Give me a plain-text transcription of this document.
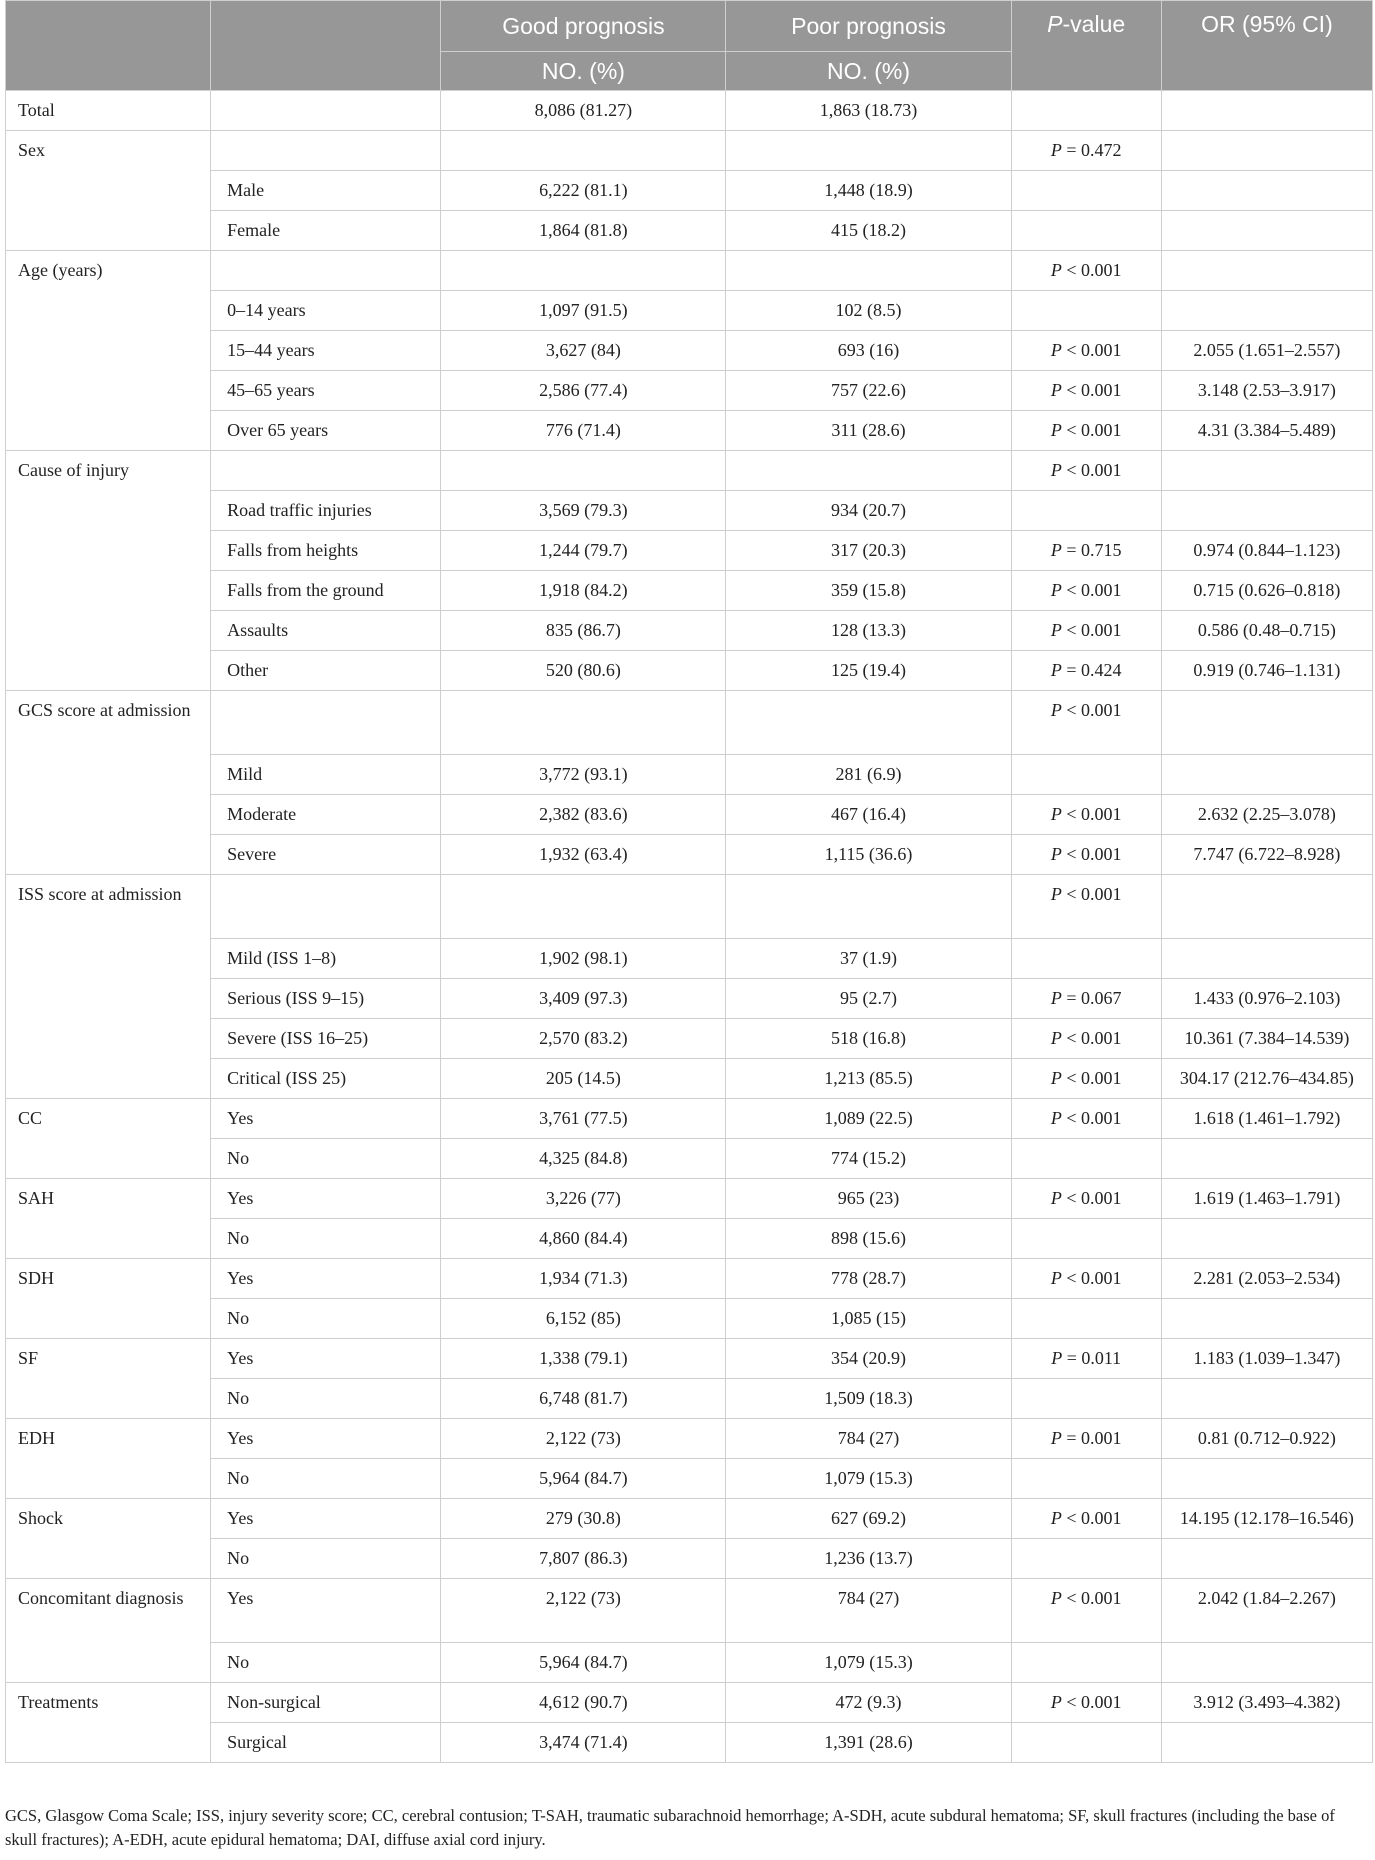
		Good prognosis	Poor prognosis	P-value	OR (95% CI)
		NO. (%)	NO. (%)		
Total		8,086 (81.27)	1,863 (18.73)		
Sex				P = 0.472	
	Male	6,222 (81.1)	1,448 (18.9)		
	Female	1,864 (81.8)	415 (18.2)		
Age (years)				P < 0.001	
	0–14 years	1,097 (91.5)	102 (8.5)		
	15–44 years	3,627 (84)	693 (16)	P < 0.001	2.055 (1.651–2.557)
	45–65 years	2,586 (77.4)	757 (22.6)	P < 0.001	3.148 (2.53–3.917)
	Over 65 years	776 (71.4)	311 (28.6)	P < 0.001	4.31 (3.384–5.489)
Cause of injury				P < 0.001	
	Road traffic injuries	3,569 (79.3)	934 (20.7)		
	Falls from heights	1,244 (79.7)	317 (20.3)	P = 0.715	0.974 (0.844–1.123)
	Falls from the ground	1,918 (84.2)	359 (15.8)	P < 0.001	0.715 (0.626–0.818)
	Assaults	835 (86.7)	128 (13.3)	P < 0.001	0.586 (0.48–0.715)
	Other	520 (80.6)	125 (19.4)	P = 0.424	0.919 (0.746–1.131)
GCS score at admission				P < 0.001	
	Mild	3,772 (93.1)	281 (6.9)		
	Moderate	2,382 (83.6)	467 (16.4)	P < 0.001	2.632 (2.25–3.078)
	Severe	1,932 (63.4)	1,115 (36.6)	P < 0.001	7.747 (6.722–8.928)
ISS score at admission				P < 0.001	
	Mild (ISS 1–8)	1,902 (98.1)	37 (1.9)		
	Serious (ISS 9–15)	3,409 (97.3)	95 (2.7)	P = 0.067	1.433 (0.976–2.103)
	Severe (ISS 16–25)	2,570 (83.2)	518 (16.8)	P < 0.001	10.361 (7.384–14.539)
	Critical (ISS 25)	205 (14.5)	1,213 (85.5)	P < 0.001	304.17 (212.76–434.85)
CC	Yes	3,761 (77.5)	1,089 (22.5)	P < 0.001	1.618 (1.461–1.792)
	No	4,325 (84.8)	774 (15.2)		
SAH	Yes	3,226 (77)	965 (23)	P < 0.001	1.619 (1.463–1.791)
	No	4,860 (84.4)	898 (15.6)		
SDH	Yes	1,934 (71.3)	778 (28.7)	P < 0.001	2.281 (2.053–2.534)
	No	6,152 (85)	1,085 (15)		
SF	Yes	1,338 (79.1)	354 (20.9)	P = 0.011	1.183 (1.039–1.347)
	No	6,748 (81.7)	1,509 (18.3)		
EDH	Yes	2,122 (73)	784 (27)	P = 0.001	0.81 (0.712–0.922)
	No	5,964 (84.7)	1,079 (15.3)		
Shock	Yes	279 (30.8)	627 (69.2)	P < 0.001	14.195 (12.178–16.546)
	No	7,807 (86.3)	1,236 (13.7)		
Concomitant diagnosis	Yes	2,122 (73)	784 (27)	P < 0.001	2.042 (1.84–2.267)
	No	5,964 (84.7)	1,079 (15.3)		
Treatments	Non-surgical	4,612 (90.7)	472 (9.3)	P < 0.001	3.912 (3.493–4.382)
	Surgical	3,474 (71.4)	1,391 (28.6)		
GCS, Glasgow Coma Scale; ISS, injury severity score; CC, cerebral contusion; T-SAH, traumatic subarachnoid hemorrhage; A-SDH, acute subdural hematoma; SF, skull fractures (including the base of skull fractures); A-EDH, acute epidural hematoma; DAI, diffuse axial cord injury.
